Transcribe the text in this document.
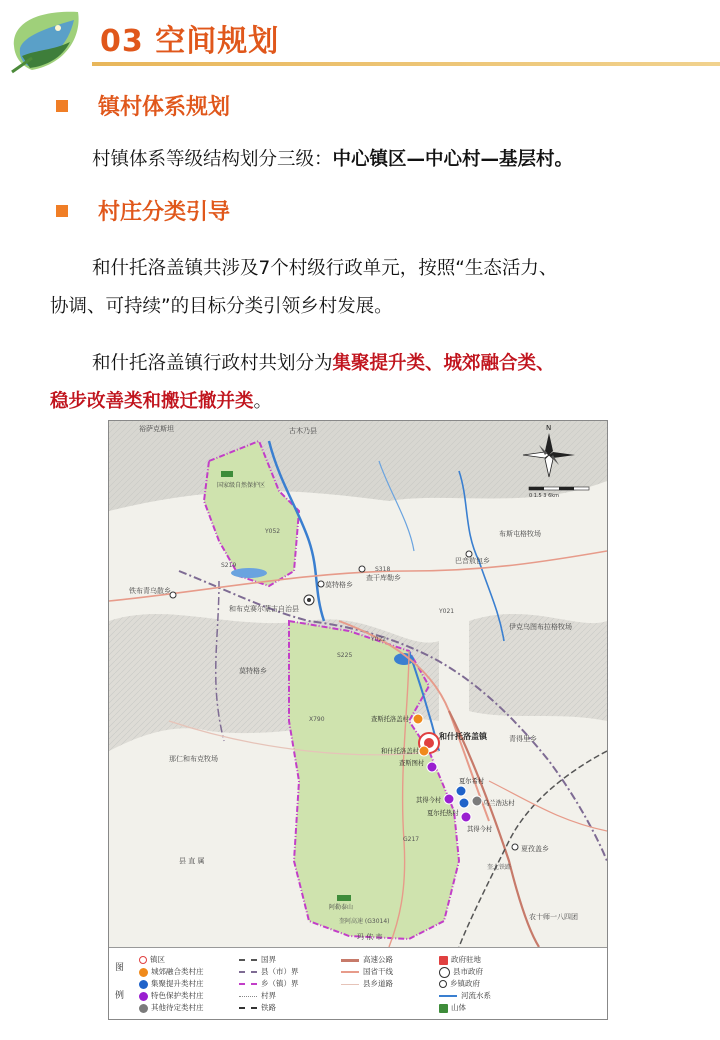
03 空间规划
镇村体系规划
村镇体系等级结构划分三级：中心镇区—中心村—基层村。
村庄分类引导
和什托洛盖镇共涉及7个村级行政单元，按照“生态活力、
协调、可持续”的目标分类引领乡村发展。
和什托洛盖镇行政村共划分为集聚提升类、城郊融合类、
稳步改善类和搬迁撤并类。
裕萨克斯坦	古木乃县
布斯屯格牧场
巴音敖包乡
铁布青乌散乡
莫特格乡
查干库勒乡
和布克赛尔蒙古自治县
伊克乌图布拉格牧场
莫特格乡
那仁和布克牧场
县 直 属
青得里乡
农十师一八四团
夏孜盖乡
玛 依 市
和什托洛盖镇
阿勒泰山
国家级自然保护区
查斯托洛盖村
和什托洛盖村
查斯图村
夏尔希村
其得今村	乌兰浩达村
夏尔托热村
其得今村
S219
S318
Y021
Y022
S225
X790
G217
Y052
奎阿高速 (G3014)
奎北铁路
N
0 1.5 3 6km
图 例
镇区
城郊融合类村庄
集聚提升类村庄
特色保护类村庄
其他待定类村庄
国界
县（市）界
乡（镇）界
村界
铁路
高速公路
国省干线
县乡道路
政府驻地
县市政府
乡镇政府
河流水系
山体
